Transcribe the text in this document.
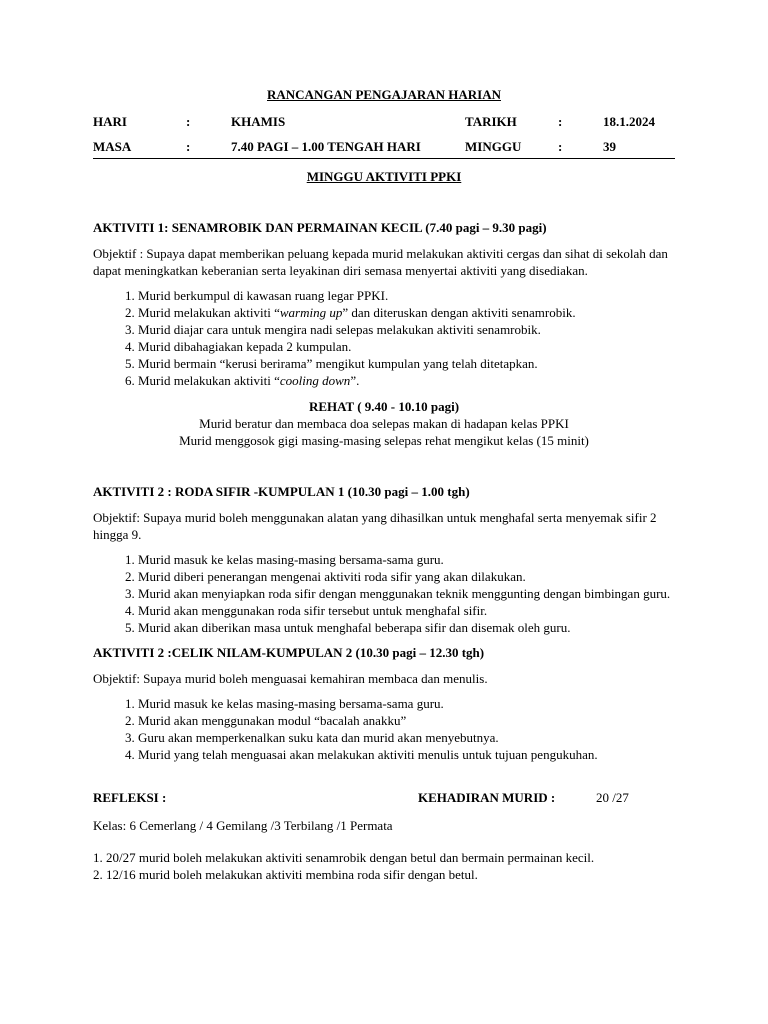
RANCANGAN PENGAJARAN HARIAN
HARI	:	KHAMIS	TARIKH	:	18.1.2024
MASA	:	7.40 PAGI – 1.00 TENGAH HARI	MINGGU	:	39
MINGGU AKTIVITI PPKI
AKTIVITI 1: SENAMROBIK DAN PERMAINAN KECIL (7.40 pagi – 9.30 pagi)
Objektif : Supaya dapat memberikan peluang kepada murid melakukan aktiviti cergas dan sihat di sekolah dan dapat meningkatkan keberanian serta leyakinan diri semasa menyertai aktiviti yang disediakan.
1. Murid berkumpul di kawasan ruang legar PPKI.
2. Murid melakukan aktiviti “warming up” dan diteruskan dengan aktiviti senamrobik.
3. Murid diajar cara untuk mengira nadi selepas melakukan aktiviti senamrobik.
4. Murid dibahagiakan kepada 2 kumpulan.
5. Murid bermain “kerusi berirama” mengikut kumpulan yang telah ditetapkan.
6. Murid melakukan aktiviti “cooling down”.
REHAT ( 9.40 - 10.10 pagi)
Murid beratur dan membaca doa selepas makan di hadapan kelas PPKI
Murid menggosok gigi masing-masing selepas rehat mengikut kelas (15 minit)
AKTIVITI 2 : RODA SIFIR -KUMPULAN 1 (10.30 pagi – 1.00 tgh)
Objektif: Supaya murid boleh menggunakan alatan yang dihasilkan untuk menghafal serta menyemak sifir 2 hingga 9.
1. Murid masuk ke kelas masing-masing bersama-sama guru.
2. Murid diberi penerangan mengenai aktiviti roda sifir yang akan dilakukan.
3. Murid akan menyiapkan roda sifir dengan menggunakan teknik menggunting dengan bimbingan guru.
4. Murid akan menggunakan roda sifir tersebut untuk menghafal sifir.
5. Murid akan diberikan masa untuk menghafal beberapa sifir dan disemak oleh guru.
AKTIVITI 2 :CELIK NILAM-KUMPULAN 2 (10.30 pagi – 12.30 tgh)
Objektif: Supaya murid boleh menguasai kemahiran membaca dan menulis.
1. Murid masuk ke kelas masing-masing bersama-sama guru.
2. Murid akan menggunakan modul “bacalah anakku”
3. Guru akan memperkenalkan suku kata dan murid akan menyebutnya.
4. Murid yang telah menguasai akan melakukan aktiviti menulis untuk tujuan pengukuhan.
REFLEKSI :	KEHADIRAN MURID :	20 /27
Kelas: 6 Cemerlang / 4 Gemilang /3 Terbilang /1 Permata
1. 20/27 murid boleh melakukan aktiviti senamrobik dengan betul dan bermain permainan kecil.
2. 12/16 murid boleh melakukan aktiviti membina roda sifir dengan betul.
